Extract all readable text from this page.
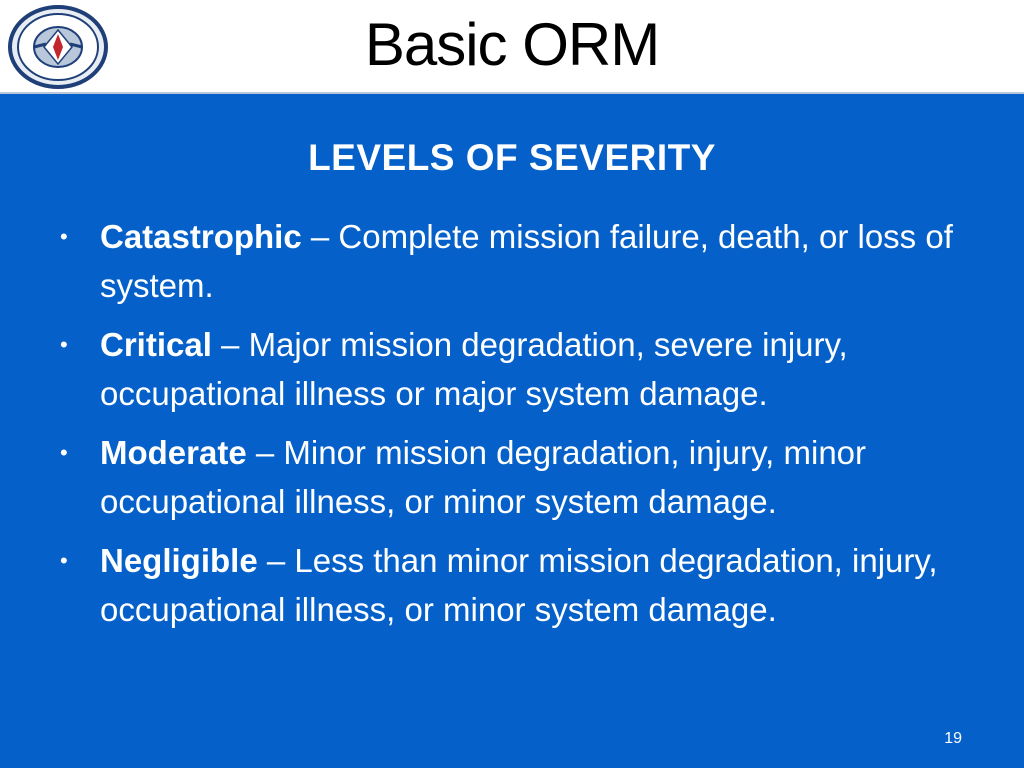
Basic ORM
LEVELS OF SEVERITY
• Catastrophic – Complete mission failure, death, or loss of system.
• Critical – Major mission degradation, severe injury, occupational illness or major system damage.
• Moderate – Minor mission degradation, injury, minor occupational illness, or minor system damage.
• Negligible – Less than minor mission degradation, injury, occupational illness, or minor system damage.
19
